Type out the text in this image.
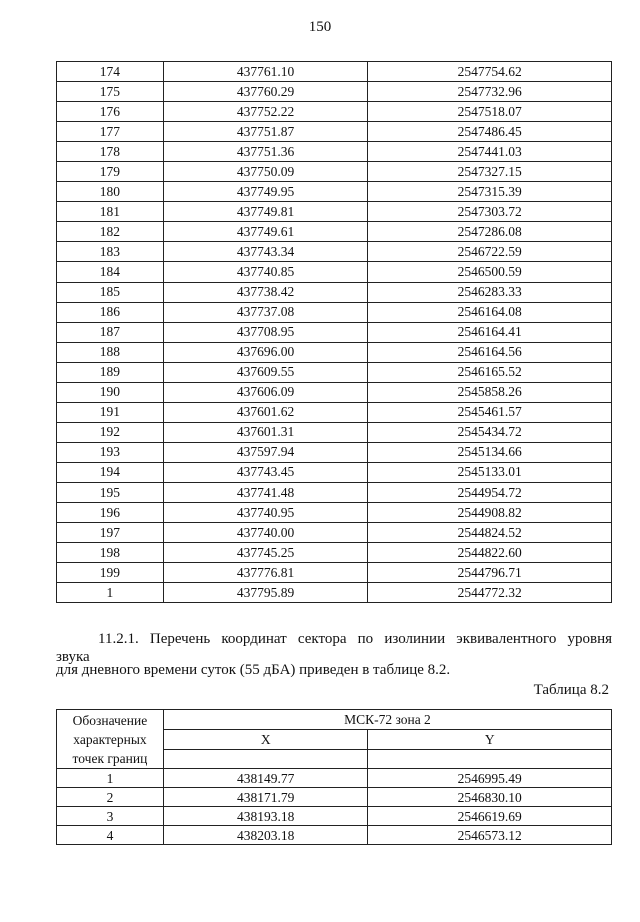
150
174	437761.10	2547754.62
175	437760.29	2547732.96
176	437752.22	2547518.07
177	437751.87	2547486.45
178	437751.36	2547441.03
179	437750.09	2547327.15
180	437749.95	2547315.39
181	437749.81	2547303.72
182	437749.61	2547286.08
183	437743.34	2546722.59
184	437740.85	2546500.59
185	437738.42	2546283.33
186	437737.08	2546164.08
187	437708.95	2546164.41
188	437696.00	2546164.56
189	437609.55	2546165.52
190	437606.09	2545858.26
191	437601.62	2545461.57
192	437601.31	2545434.72
193	437597.94	2545134.66
194	437743.45	2545133.01
195	437741.48	2544954.72
196	437740.95	2544908.82
197	437740.00	2544824.52
198	437745.25	2544822.60
199	437776.81	2544796.71
1	437795.89	2544772.32
11.2.1. Перечень координат сектора по изолинии эквивалентного уровня звука
для дневного времени суток (55 дБА) приведен в таблице 8.2.
Таблица 8.2
Обозначение характерных точек границ	МСК-72 зона 2	
	X	Y

1	438149.77	2546995.49
2	438171.79	2546830.10
3	438193.18	2546619.69
4	438203.18	2546573.12
